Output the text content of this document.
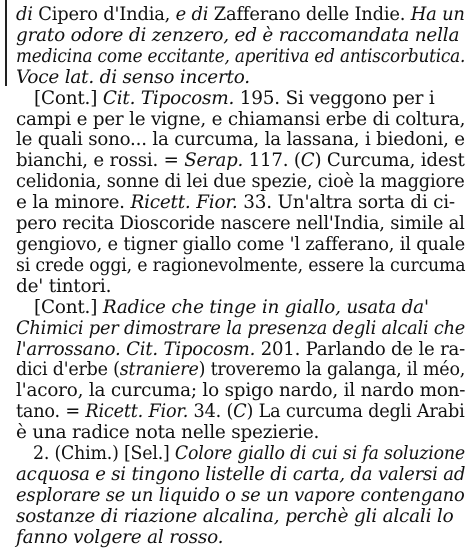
di Cipero d'India, e di Zafferano delle Indie. Ha un
grato odore di zenzero, ed è raccomandata nella
medicina come eccitante, aperitiva ed antiscorbutica.
Voce lat. di senso incerto.
[Cont.] Cit. Tipocosm. 195. Si veggono per i
campi e per le vigne, e chiamansi erbe di coltura,
le quali sono... la curcuma, la lassana, i biedoni, e
bianchi, e rossi. = Serap. 117. (C) Curcuma, idest
celidonia, sonne di lei due spezie, cioè la maggiore
e la minore. Ricett. Fior. 33. Un'altra sorta di ci-
pero recita Dioscoride nascere nell'India, simile al
gengiovo, e tigner giallo come 'l zafferano, il quale
si crede oggi, e ragionevolmente, essere la curcuma
de' tintori.
[Cont.] Radice che tinge in giallo, usata da'
Chimici per dimostrare la presenza degli alcali che
l'arrossano. Cit. Tipocosm. 201. Parlando de le ra-
dici d'erbe (straniere) troveremo la galanga, il méo,
l'acoro, la curcuma; lo spigo nardo, il nardo mon-
tano. = Ricett. Fior. 34. (C) La curcuma degli Arabi
è una radice nota nelle spezierie.
2. (Chim.) [Sel.] Colore giallo di cui si fa soluzione
acquosa e si tingono listelle di carta, da valersi ad
esplorare se un liquido o se un vapore contengano
sostanze di riazione alcalina, perchè gli alcali lo
fanno volgere al rosso.
